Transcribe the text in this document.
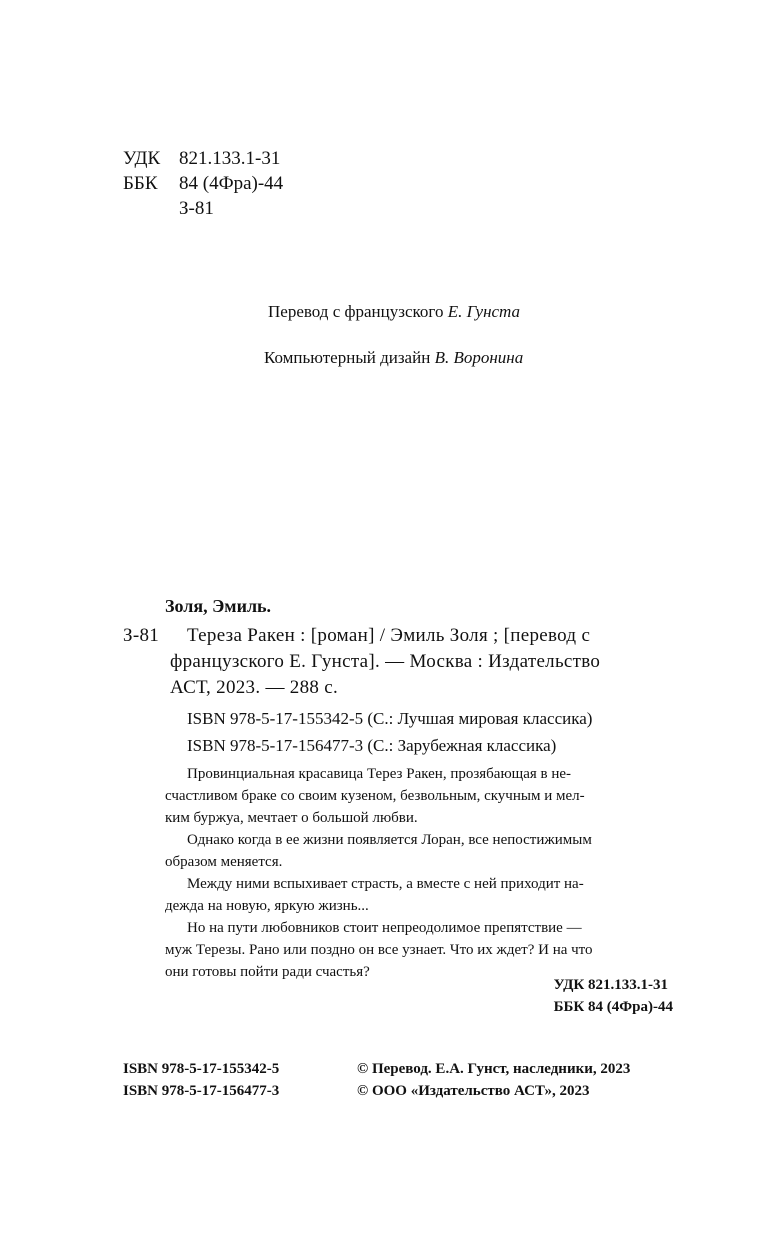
УДК 821.133.1-31
ББК 84 (4Фра)-44
З-81
Перевод с французского Е. Гунста
Компьютерный дизайн В. Воронина
Золя, Эмиль.
З-81 Тереза Ракен : [роман] / Эмиль Золя ; [перевод с
французского Е. Гунста]. — Москва : Издательство
АСТ, 2023. — 288 с.
ISBN 978-5-17-155342-5 (С.: Лучшая мировая классика)
ISBN 978-5-17-156477-3 (С.: Зарубежная классика)

Провинциальная красавица Терез Ракен, прозябающая в не-

счастливом браке со своим кузеном, безвольным, скучным и мел-

ким буржуа, мечтает о большой любви.

Однако когда в ее жизни появляется Лоран, все непостижимым

образом меняется.

Между ними вспыхивает страсть, а вместе с ней приходит на-

дежда на новую, яркую жизнь...

Но на пути любовников стоит непреодолимое препятствие —

муж Терезы. Рано или поздно он все узнает. Что их ждет? И на что

они готовы пойти ради счастья?

УДК 821.133.1-31
ББК 84 (4Фра)-44
ISBN 978-5-17-155342-5
ISBN 978-5-17-156477-3
© Перевод. Е.А. Гунст, наследники, 2023
© ООО «Издательство АСТ», 2023
